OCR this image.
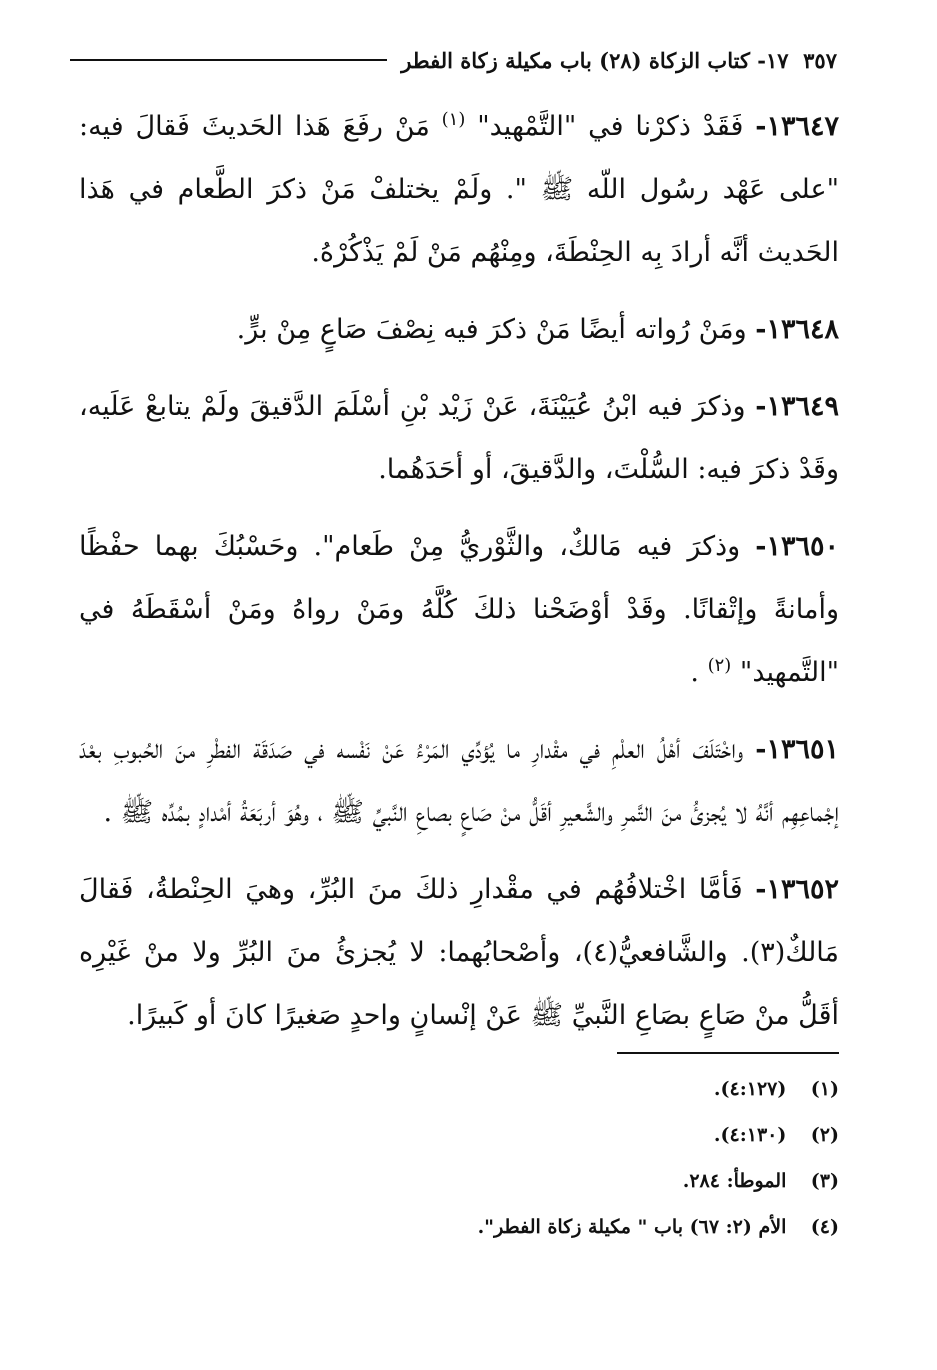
٣٥٧
١٧- كتاب الزكاة (٢٨) باب مكيلة زكاة الفطر

١٣٦٤٧- فَقَدْ ذكرْنا في "التَّمْهيد" $^{(١)}$ مَنْ رفَعَ هَذا الحَديثَ فَقالَ فيه: "على عَهْد رسُول اللّه ﷺ ". ولَمْ يختلفْ مَنْ ذكرَ الطَّعام في هَذا الحَديث أنَّه أرادَ بِه الحِنْطَةَ، ومِنْهُم مَنْ لَمْ يَذْكُرْهُ.

١٣٦٤٨- ومَنْ رُواته أيضًا مَنْ ذكرَ فيه نِصْفَ صَاعٍ مِنْ برٍّ.

١٣٦٤٩- وذكرَ فيه ابْنُ عُيَيْنَةَ، عَنْ زَيْد بْنِ أسْلَمَ الدَّقيقَ ولَمْ يتابعْ عَلَيه، وقَدْ ذكرَ فيه: السُّلْتَ، والدَّقيقَ، أو أحَدَهُما.

١٣٦٥٠- وذكرَ فيه مَالكٌ، والثَّوْريُّ مِنْ طَعام". وحَسْبُكَ بهما حفْظًا وأمانةً وإتْقانًا. وقَدْ أوْضَحْنا ذلكَ كُلَّهُ ومَنْ رواهُ ومَنْ أسْقَطَهُ في "التَّمهيد" $^{(٢)}$ .

١٣٦٥١- واخْتَلَفَ أهْلُ العلْمِ في مقْدارِ ما يُؤدِّي المَرْءُ عَنْ نَفْسه في صَدَقَة الفطْرِ منَ الحُبوبِ بعْدَ إجْماعِهِم أنَّهُ لا يُجزئُ منَ التَّمرِ والشَّعيرِ أقَلُّ منْ صَاعٍ بصاعِ النَّبيِّ ﷺ ، وهُوَ أربَعَةُ أمْدادٍ بمُدِّه ﷺ .

١٣٦٥٢- فَأمَّا اخْتلافُهُم في مقْدارِ ذلكَ منَ البُرِّ، وهيَ الحِنْطةُ، فَقالَ مَالكٌ(٣). والشَّافعيُّ(٤)، وأصْحابُهما: لا يُجزئُ منَ البُرِّ ولا منْ غَيْرِه أقَلُّ منْ صَاعٍ بصَاعِ النَّبيِّ ﷺ عَنْ إنْسانٍ واحدٍ صَغيرًا كانَ أو كَبيرًا.

(١) (٤:١٢٧).
(٢) (٤:١٣٠).
(٣) الموطأ: ٢٨٤.
(٤) الأم (٢: ٦٧) باب " مكيلة زكاة الفطر".
